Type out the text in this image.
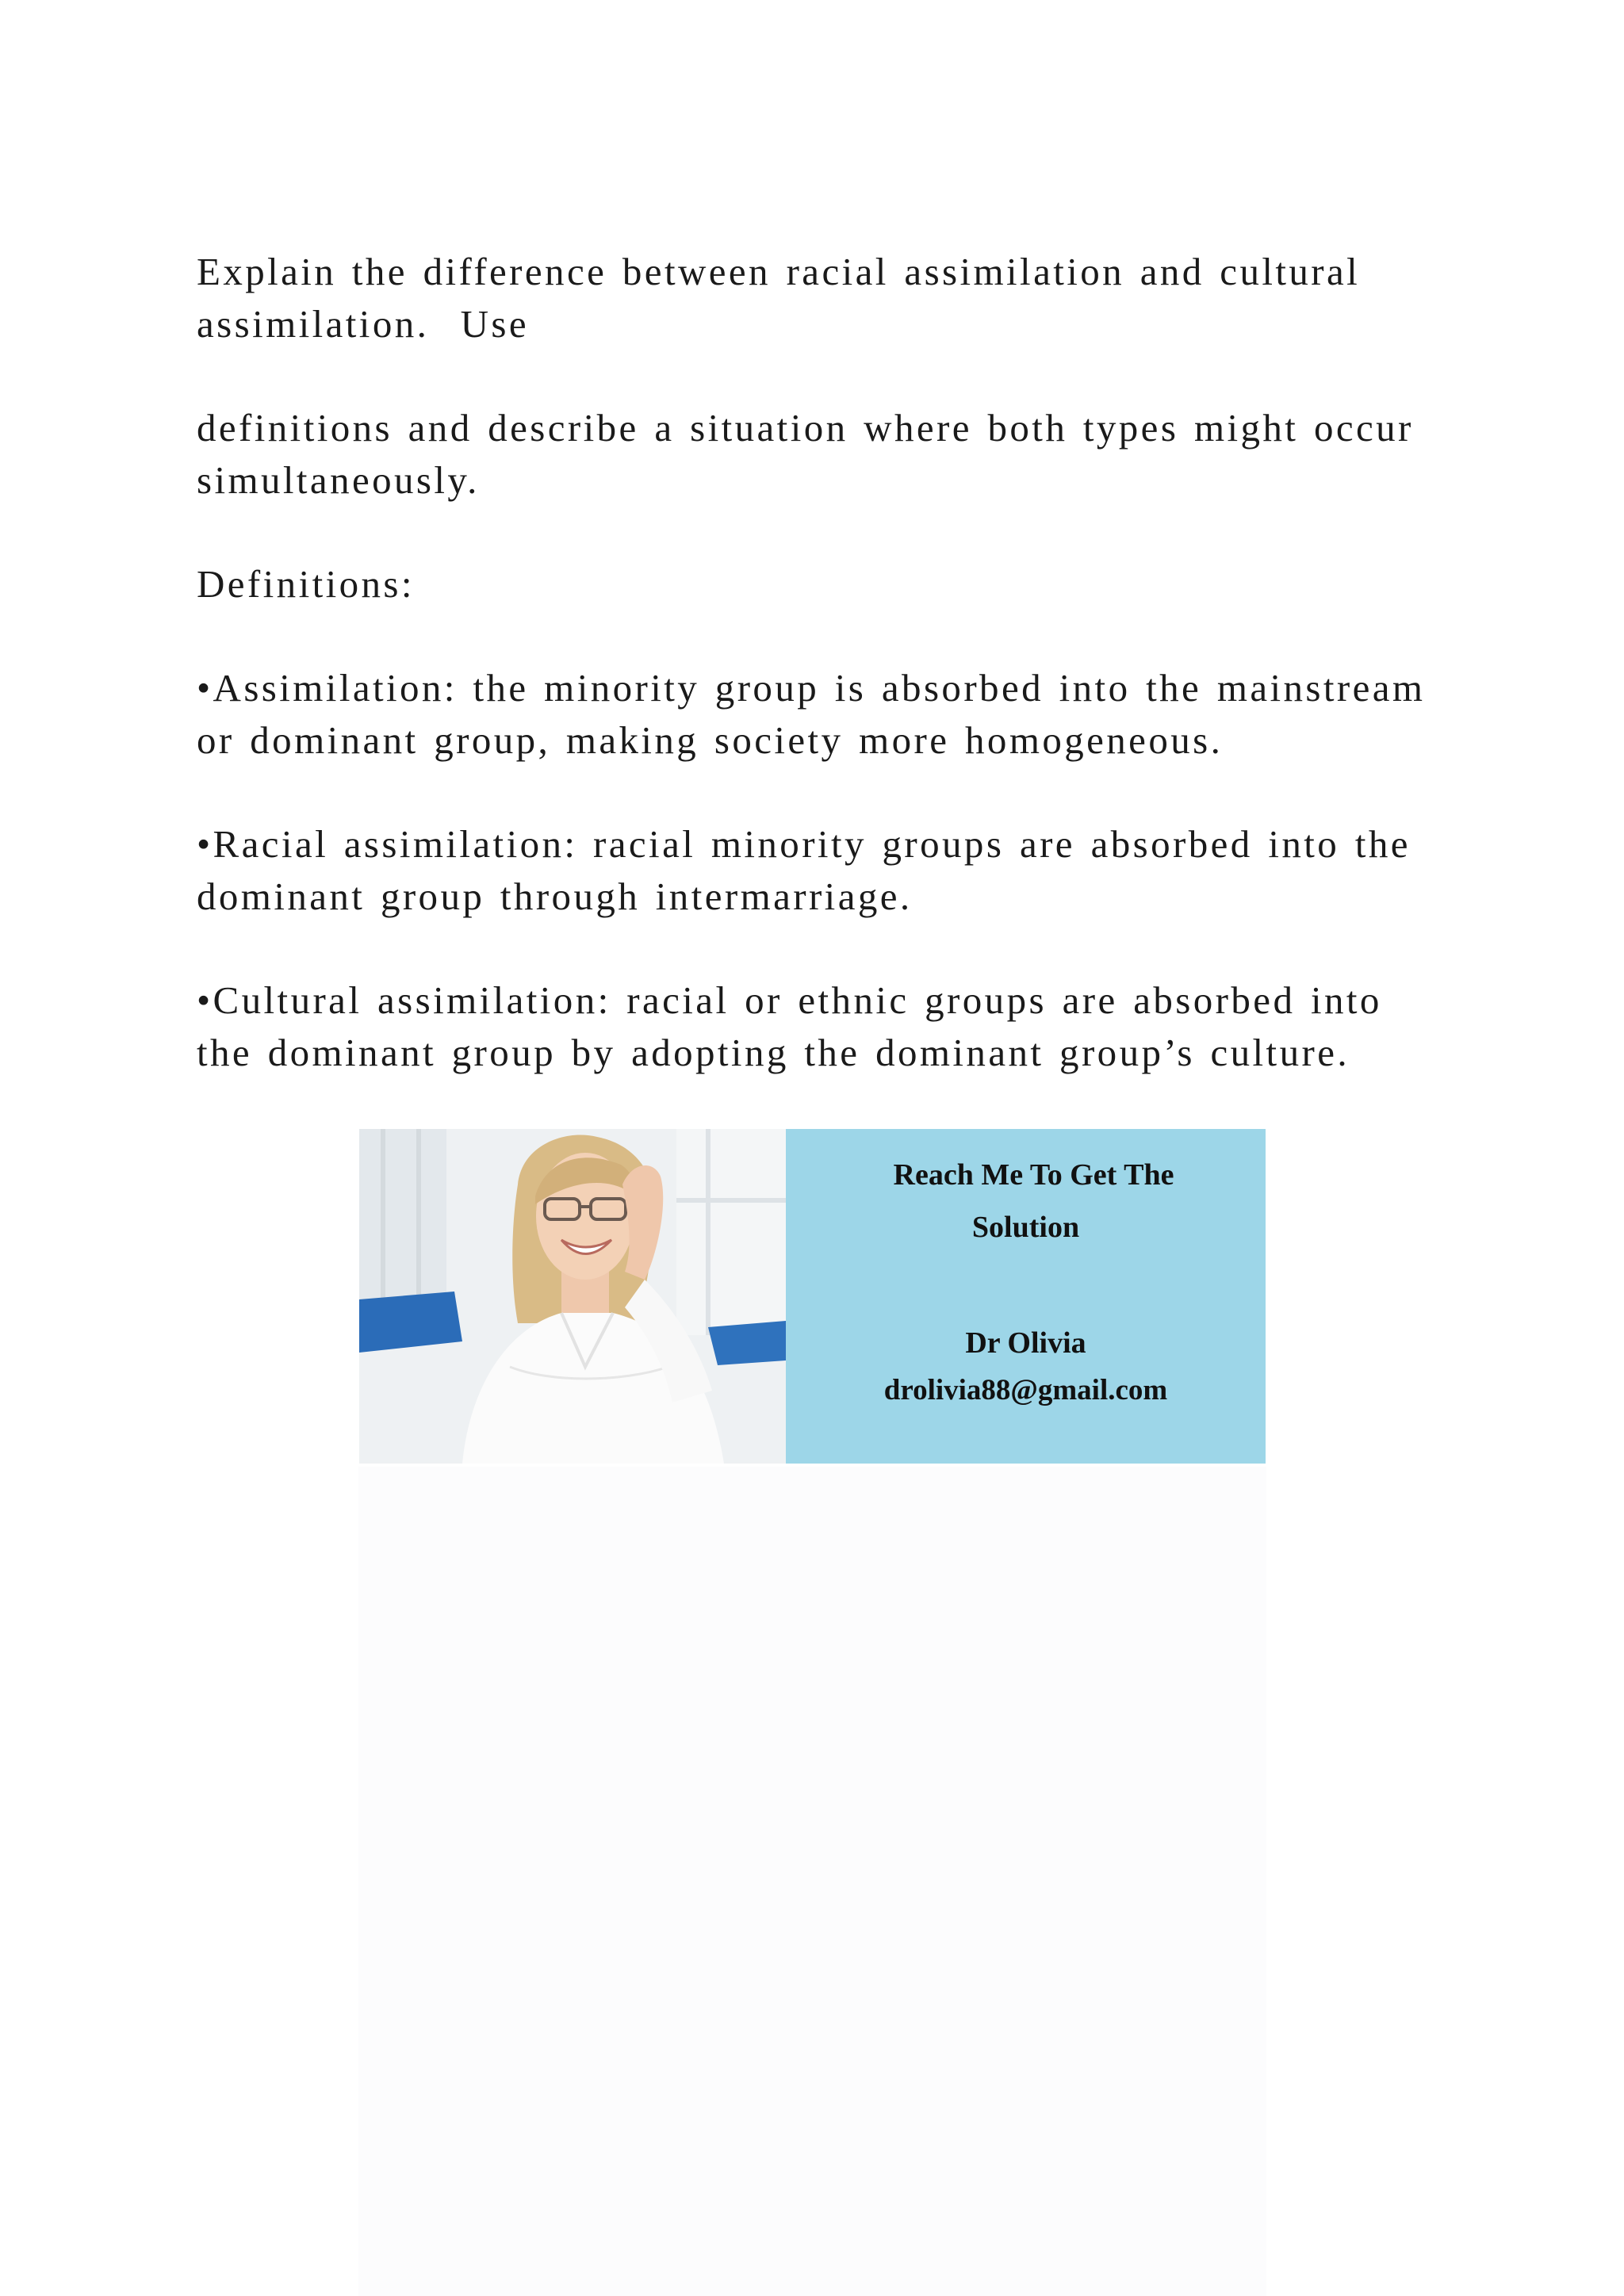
Explain the difference between racial assimilation and cultural assimilation.  Use

definitions and describe a situation where both types might occur simultaneously.

Definitions:

•Assimilation: the minority group is absorbed into the mainstream or dominant group, making society more homogeneous.

•Racial assimilation: racial minority groups are absorbed into the dominant group through intermarriage.

•Cultural assimilation: racial or ethnic groups are absorbed into the dominant group by adopting the dominant group’s culture.

Reach Me To Get The
Solution
Dr Olivia
drolivia88@gmail.com
